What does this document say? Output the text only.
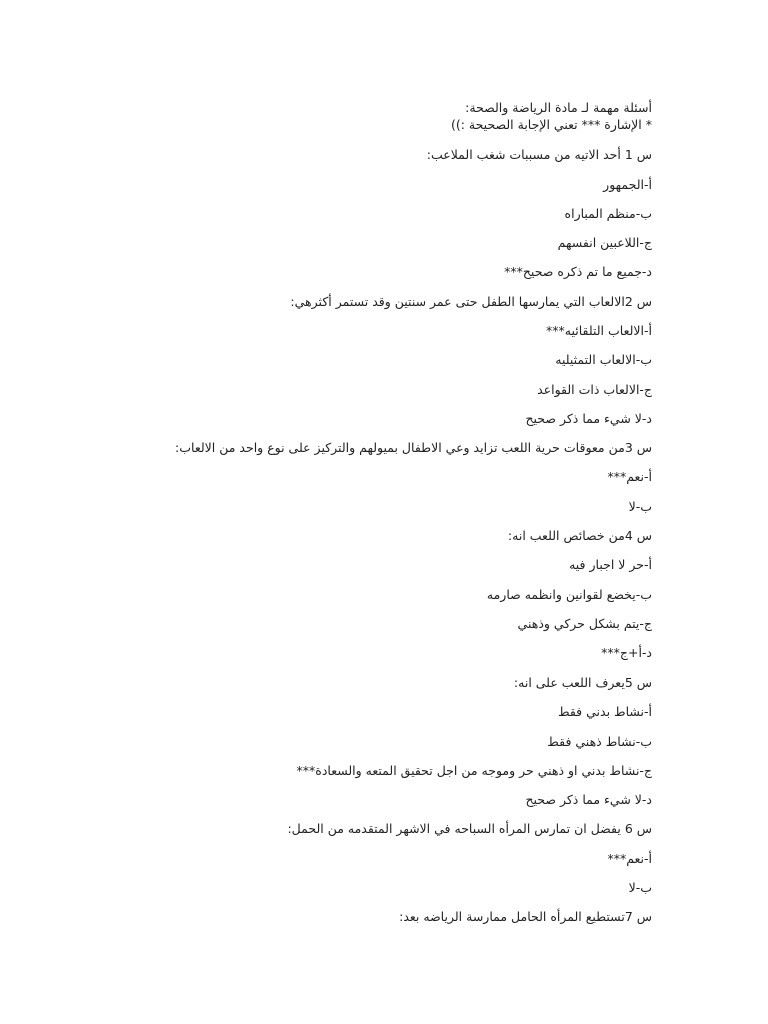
أسئلة مهمة لـ مادة الرياضة والصحة:
* الإشارة *** تعني الإجابة الصحيحة :))
س 1 أحد الاتيه من مسببات شغب الملاعب:
أ-الجمهور
ب-منظم المباراه
ج-اللاعبين انفسهم
د-جميع ما تم ذكره صحيح***
س 2الالعاب التي يمارسها الطفل حتى عمر سنتين وقد تستمر أكثرهي:
أ-الالعاب التلقائيه***
ب-الالعاب التمثيليه
ج-الالعاب ذات القواعد
د-لا شيء مما ذكر صحيح
س 3من معوقات حرية اللعب تزايد وعي الاطفال بميولهم والتركيز على نوع واحد من الالعاب:
أ-نعم***
ب-لا
س 4من خصائص اللعب انه:
أ-حر لا اجبار فيه
ب-يخضع لقوانين وانظمه صارمه
ج-يتم بشكل حركي وذهني
د-أ+ج***
س 5يعرف اللعب على انه:
أ-نشاط بدني فقط
ب-نشاط ذهني فقط
ج-نشاط بدني او ذهني حر وموجه من اجل تحقيق المتعه والسعادة***
د-لا شيء مما ذكر صحيح
س 6 يفضل ان تمارس المرأه السباحه في الاشهر المتقدمه من الحمل:
أ-نعم***
ب-لا
س 7تستطيع المرأه الحامل ممارسة الرياضه بعد:
